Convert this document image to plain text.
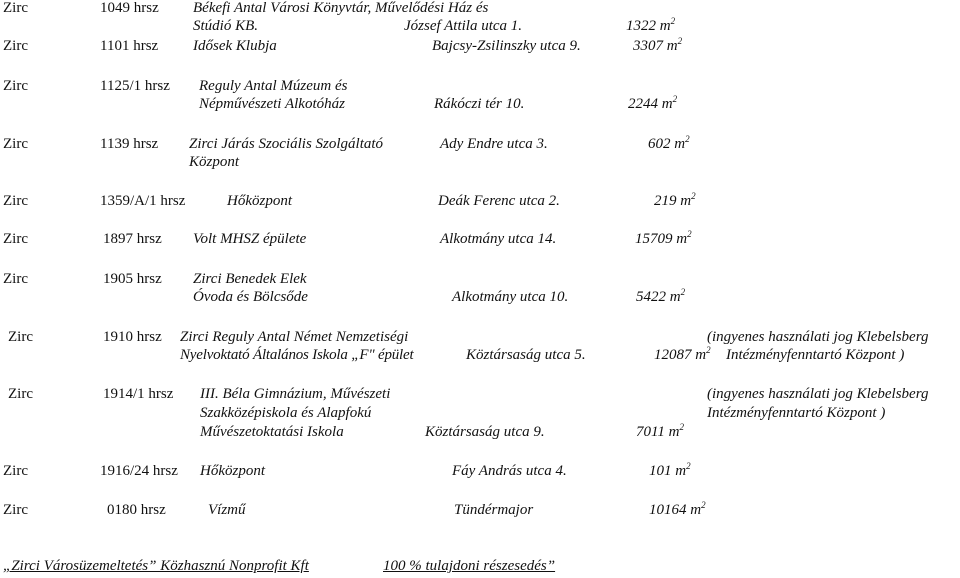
Zirc	1049 hrsz Békefi Antal Városi Könyvtár, Művelődési Ház és
Stúdió KB.	József Attila utca 1.	1322 $m^2$
Zirc	1101 hrsz Idősek Klubja	Bajcsy-Zsilinszky utca 9.	3307 $m^2$
Zirc	1125/1 hrsz Reguly Antal Múzeum és
Népművészeti Alkotóház	Rákóczi tér 10.	2244 $m^2$
Zirc	1139 hrsz Zirci Járás Szociális Szolgáltató
Központ
Ady Endre utca 3.	602 $m^2$
Zirc	1359/A/1 hrsz	Hőközpont	Deák Ferenc utca 2.	219 $m^2$
Zirc	1897 hrsz Volt MHSZ épülete	Alkotmány utca 14.	15709 $m^2$
Zirc	1905 hrsz Zirci Benedek Elek
Óvoda és Bölcsőde	Alkotmány utca 10.	5422 $m^2$
Zirc	1910 hrsz Zirci Reguly Antal Német Nemzetiségi
Nyelvoktató Általános Iskola „F" épület	Köztársaság utca 5.	12087 $m^2$
(ingyenes használati jog Klebelsberg
Intézményfenntartó Központ )
Zirc	1914/1 hrsz III. Béla Gimnázium, Művészeti
Szakközépiskola és Alapfokú
Művészetoktatási Iskola	Köztársaság utca 9.	7011 $m^2$
(ingyenes használati jog Klebelsberg
Intézményfenntartó Központ )
Zirc	1916/24 hrsz Hőközpont	Fáy András utca 4.	101 $m^2$
Zirc	0180 hrsz	Vízmű	Tündérmajor	10164 $m^2$
„Zirci Városüzemeltetés” Közhasznú Nonprofit Kft	100 % tulajdoni részesedés”
